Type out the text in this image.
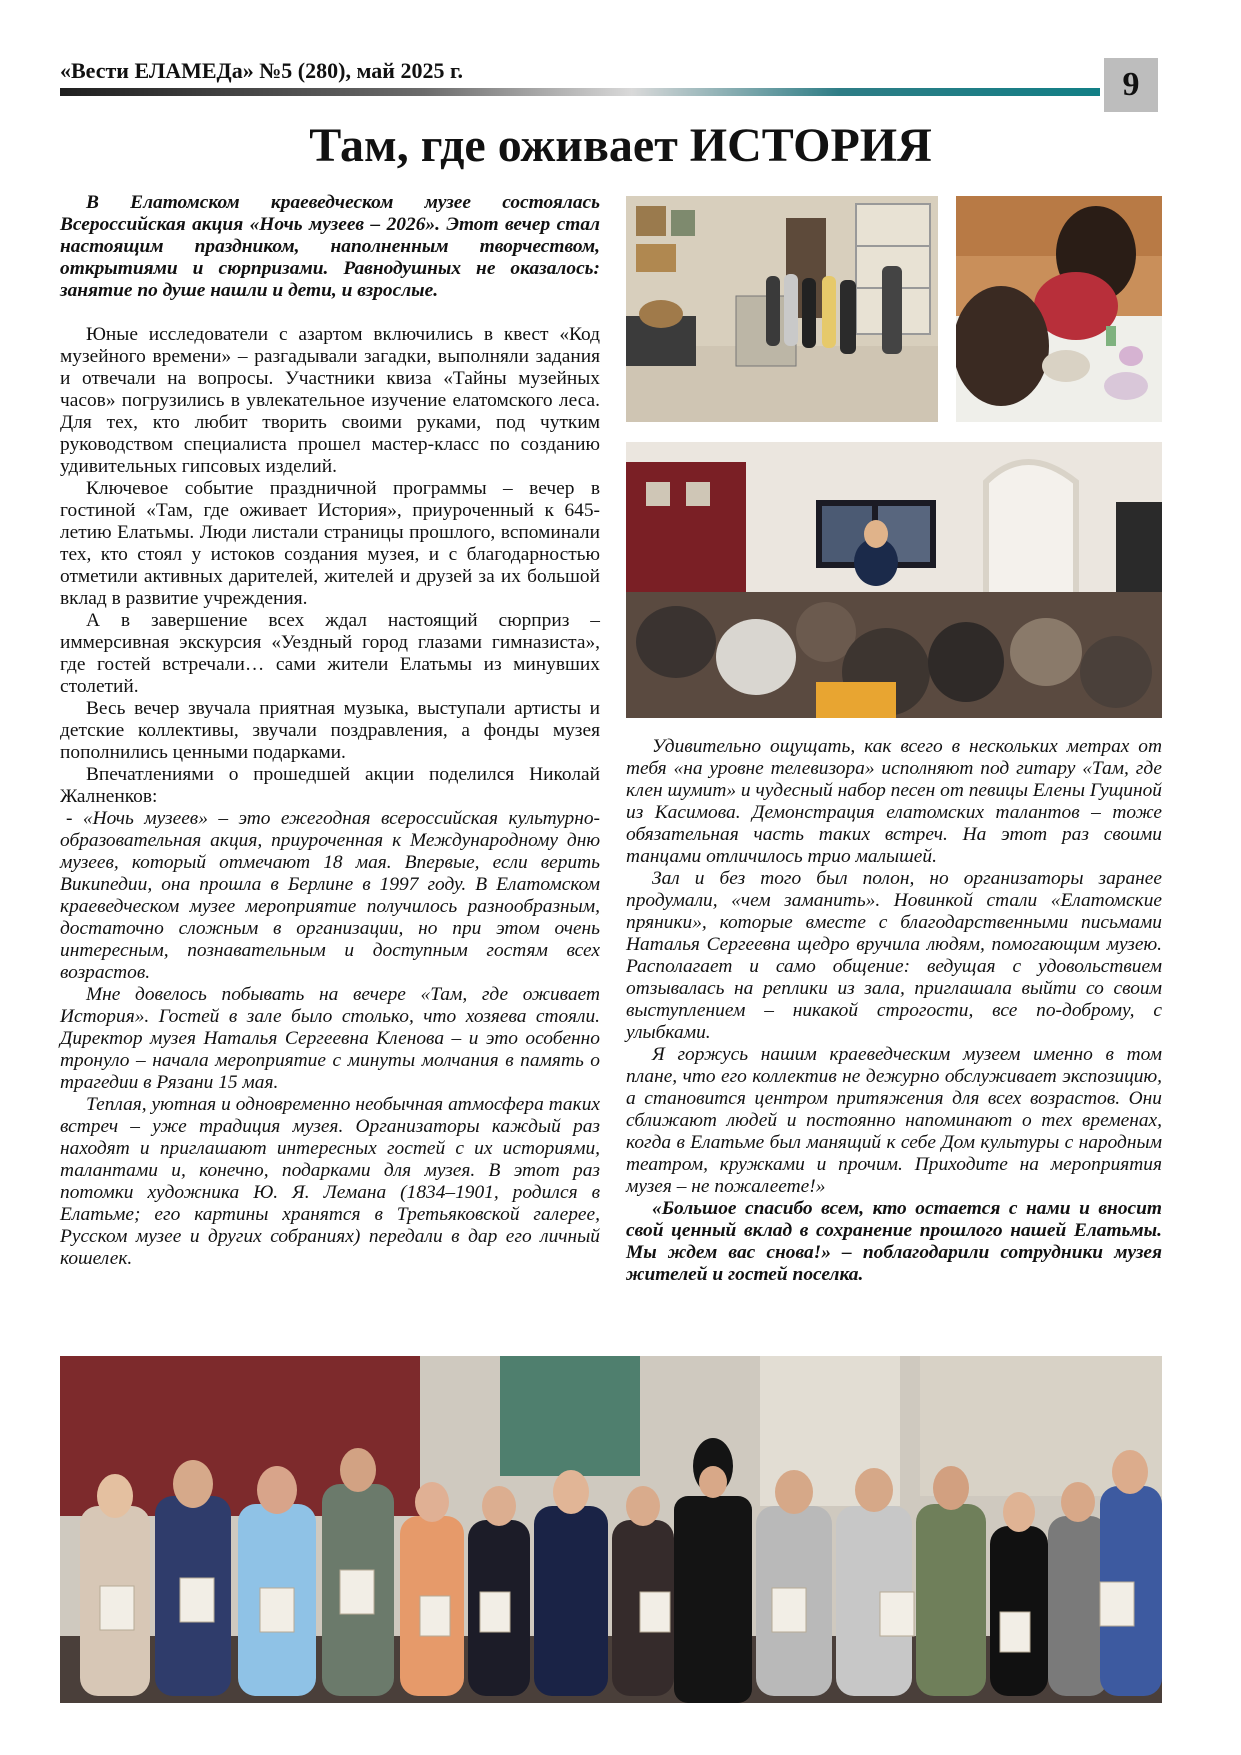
«Вести ЕЛАМЕДа» №5 (280), май 2025 г.	9
Там, где оживает ИСТОРИЯ

В Елатомском краеведческом музее состоялась Всероссийская акция «Ночь музеев – 2026». Этот вечер стал настоящим праздником, наполненным творчеством, открытиями и сюрпризами. Равнодушных не оказалось: занятие по душе нашли и дети, и взрослые.

Юные исследователи с азартом включились в квест «Код музейного времени» – разгадывали загадки, выполняли задания и отвечали на вопросы. Участники квиза «Тайны музейных часов» погрузились в увлекательное изучение елатомского леса. Для тех, кто любит творить своими руками, под чутким руководством специалиста прошел мастер-класс по созданию удивительных гипсовых изделий.

Ключевое событие праздничной программы – вечер в гостиной «Там, где оживает История», приуроченный к 645-летию Елатьмы. Люди листали страницы прошлого, вспоминали тех, кто стоял у истоков создания музея, и с благодарностью отметили активных дарителей, жителей и друзей за их большой вклад в развитие учреждения.

А в завершение всех ждал настоящий сюрприз – иммерсивная экскурсия «Уездный город глазами гимназиста», где гостей встречали… сами жители Елатьмы из минувших столетий.

Весь вечер звучала приятная музыка, выступали артисты и детские коллективы, звучали поздравления, а фонды музея пополнились ценными подарками.

Впечатлениями о прошедшей акции поделился Николай Жалненков:

- «Ночь музеев» – это ежегодная всероссийская культурно-образовательная акция, приуроченная к Международному дню музеев, который отмечают 18 мая. Впервые, если верить Википедии, она прошла в Берлине в 1997 году. В Елатомском краеведческом музее мероприятие получилось разнообразным, достаточно сложным в организации, но при этом очень интересным, познавательным и доступным гостям всех возрастов.

Мне довелось побывать на вечере «Там, где оживает История». Гостей в зале было столько, что хозяева стояли. Директор музея Наталья Сергеевна Кленова – и это особенно тронуло – начала мероприятие с минуты молчания в память о трагедии в Рязани 15 мая.

Теплая, уютная и одновременно необычная атмосфера таких встреч – уже традиция музея. Организаторы каждый раз находят и приглашают интересных гостей с их историями, талантами и, конечно, подарками для музея. В этот раз потомки художника Ю. Я. Лемана (1834–1901, родился в Елатьме; его картины хранятся в Третьяковской галерее, Русском музее и других собраниях) передали в дар его личный кошелек.

Удивительно ощущать, как всего в нескольких метрах от тебя «на уровне телевизора» исполняют под гитару «Там, где клен шумит» и чудесный набор песен от певицы Елены Гущиной из Касимова. Демонстрация елатомских талантов – тоже обязательная часть таких встреч. На этот раз своими танцами отличилось трио малышей.

Зал и без того был полон, но организаторы заранее продумали, «чем заманить». Новинкой стали «Елатомские пряники», которые вместе с благодарственными письмами Наталья Сергеевна щедро вручила людям, помогающим музею. Располагает и само общение: ведущая с удовольствием отзывалась на реплики из зала, приглашала выйти со своим выступлением – никакой строгости, все по-доброму, с улыбками.

Я горжусь нашим краеведческим музеем именно в том плане, что его коллектив не дежурно обслуживает экспозицию, а становится центром притяжения для всех возрастов. Они сближают людей и постоянно напоминают о тех временах, когда в Елатьме был манящий к себе Дом культуры с народным театром, кружками и прочим. Приходите на мероприятия музея – не пожалеете!»

«Большое спасибо всем, кто остается с нами и вносит свой ценный вклад в сохранение прошлого нашей Елатьмы. Мы ждем вас снова!» – поблагодарили сотрудники музея жителей и гостей поселка.
